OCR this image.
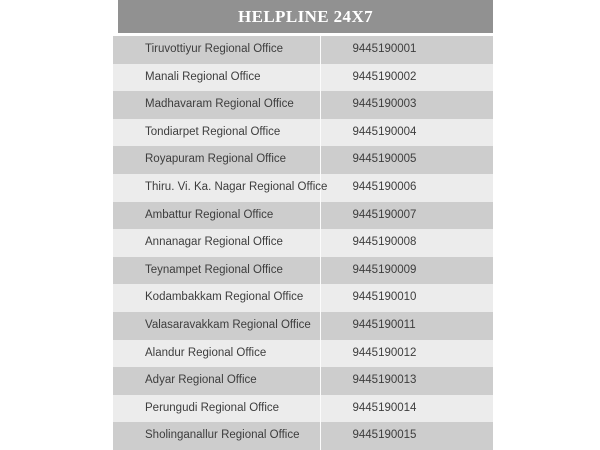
HELPLINE 24X7
Tiruvottiyur Regional Office	9445190001
Manali Regional Office	9445190002
Madhavaram Regional Office	9445190003
Tondiarpet Regional Office	9445190004
Royapuram Regional Office	9445190005
Thiru. Vi. Ka. Nagar Regional Office	9445190006
Ambattur Regional Office	9445190007
Annanagar Regional Office	9445190008
Teynampet Regional Office	9445190009
Kodambakkam Regional Office	9445190010
Valasaravakkam Regional Office	9445190011
Alandur Regional Office	9445190012
Adyar Regional Office	9445190013
Perungudi Regional Office	9445190014
Sholinganallur Regional Office	9445190015
